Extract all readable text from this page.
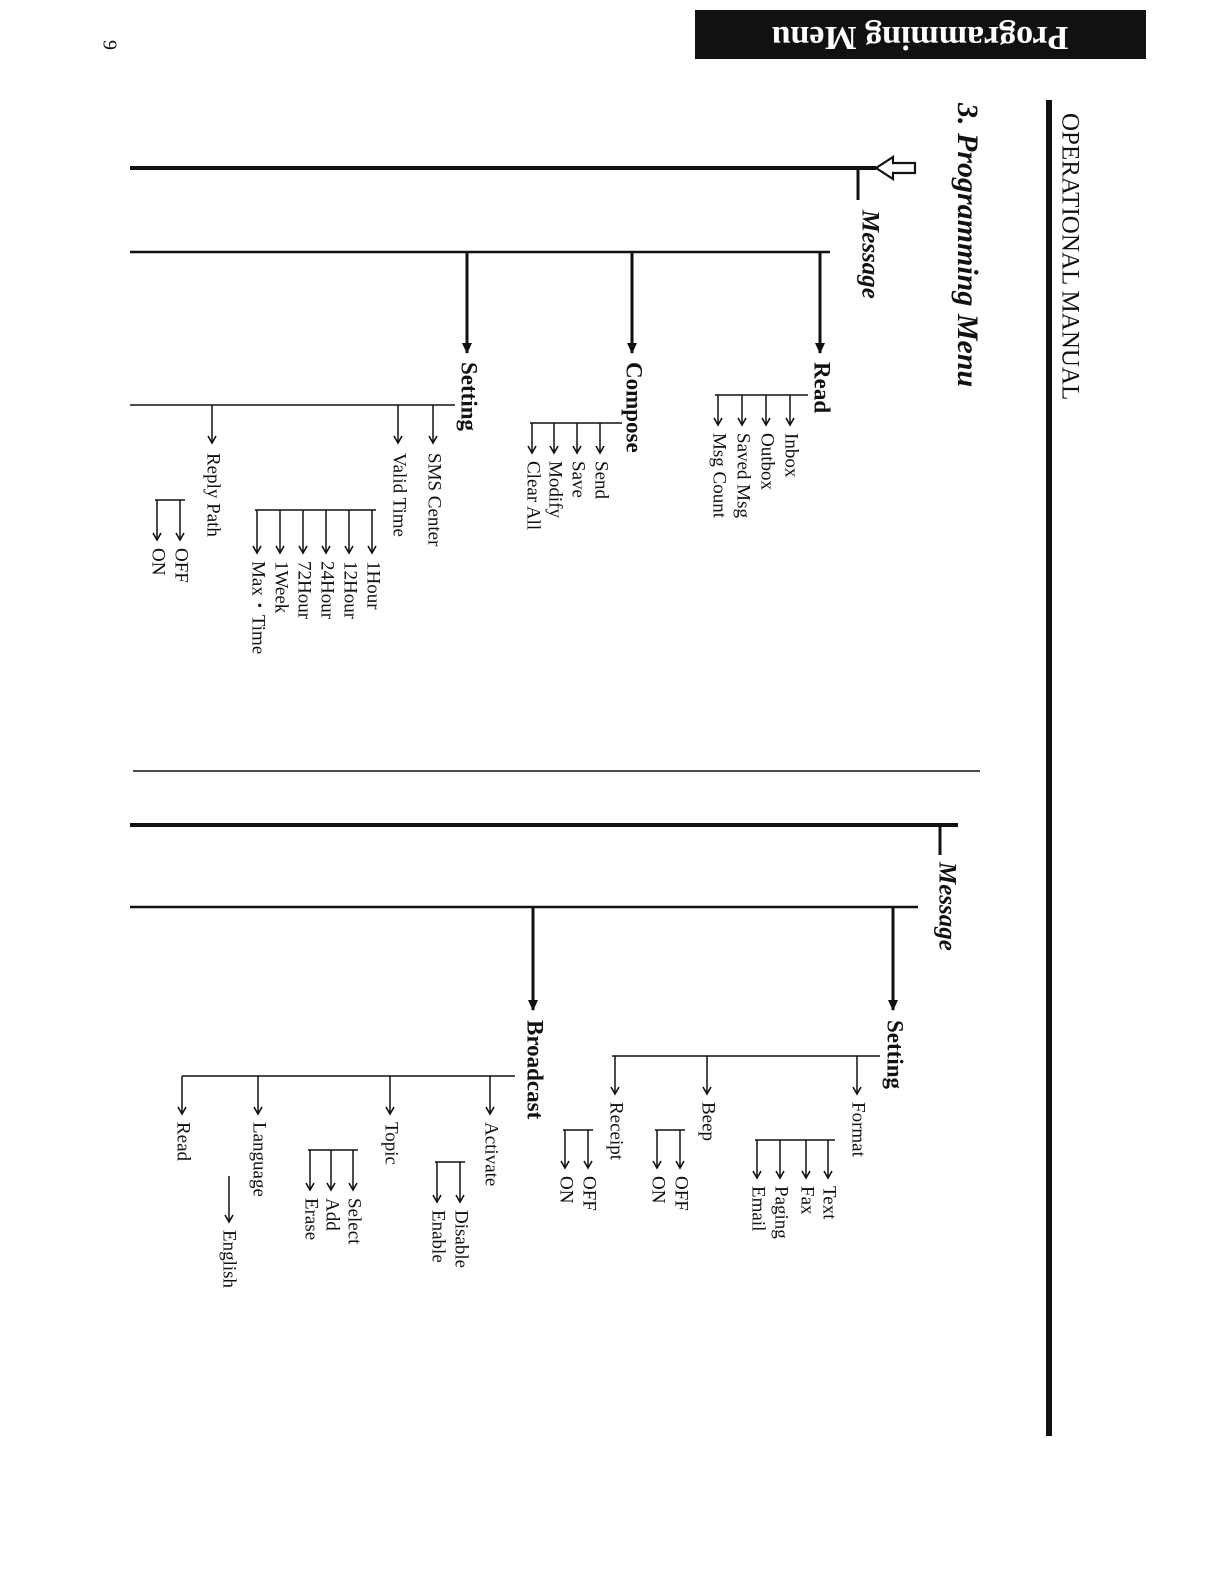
Programming Menu
9
OPERATIONAL MANUAL
3. Programming Menu
Message
Read
Inbox
Outbox
Saved Msg
Msg Count
Compose
Send
Save
Modify
Clear All
Setting
SMS Center
Valid Time
1Hour
12Hour
24Hour
72Hour
1Week
Max・Time
Reply Path
OFF
ON
Message
Setting
Format
Text
Fax
Paging
Email
Beep
OFF
ON
Receipt
OFF
ON
Broadcast
Activate
Disable
Enable
Topic
Select
Add
Erase
Language
English
Read
